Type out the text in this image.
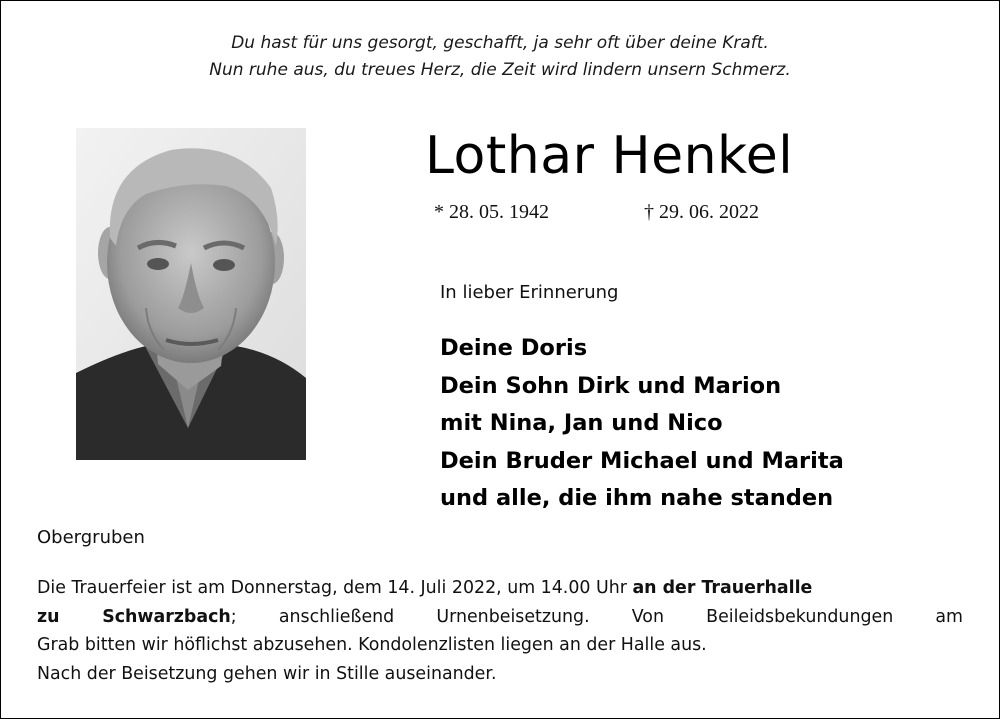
Du hast für uns gesorgt, geschafft, ja sehr oft über deine Kraft.
Nun ruhe aus, du treues Herz, die Zeit wird lindern unsern Schmerz.
Lothar Henkel
* 28. 05. 1942	† 29. 06. 2022
In lieber Erinnerung
Deine Doris
Dein Sohn Dirk und Marion
mit Nina, Jan und Nico
Dein Bruder Michael und Marita
und alle, die ihm nahe standen
Obergruben
Die Trauerfeier ist am Donnerstag, dem 14. Juli 2022, um 14.00 Uhr an der Trauerhalle
zu Schwarzbach; anschließend Urnenbeisetzung. Von Beileidsbekundungen am
Grab bitten wir höflichst abzusehen. Kondolenzlisten liegen an der Halle aus.
Nach der Beisetzung gehen wir in Stille auseinander.
